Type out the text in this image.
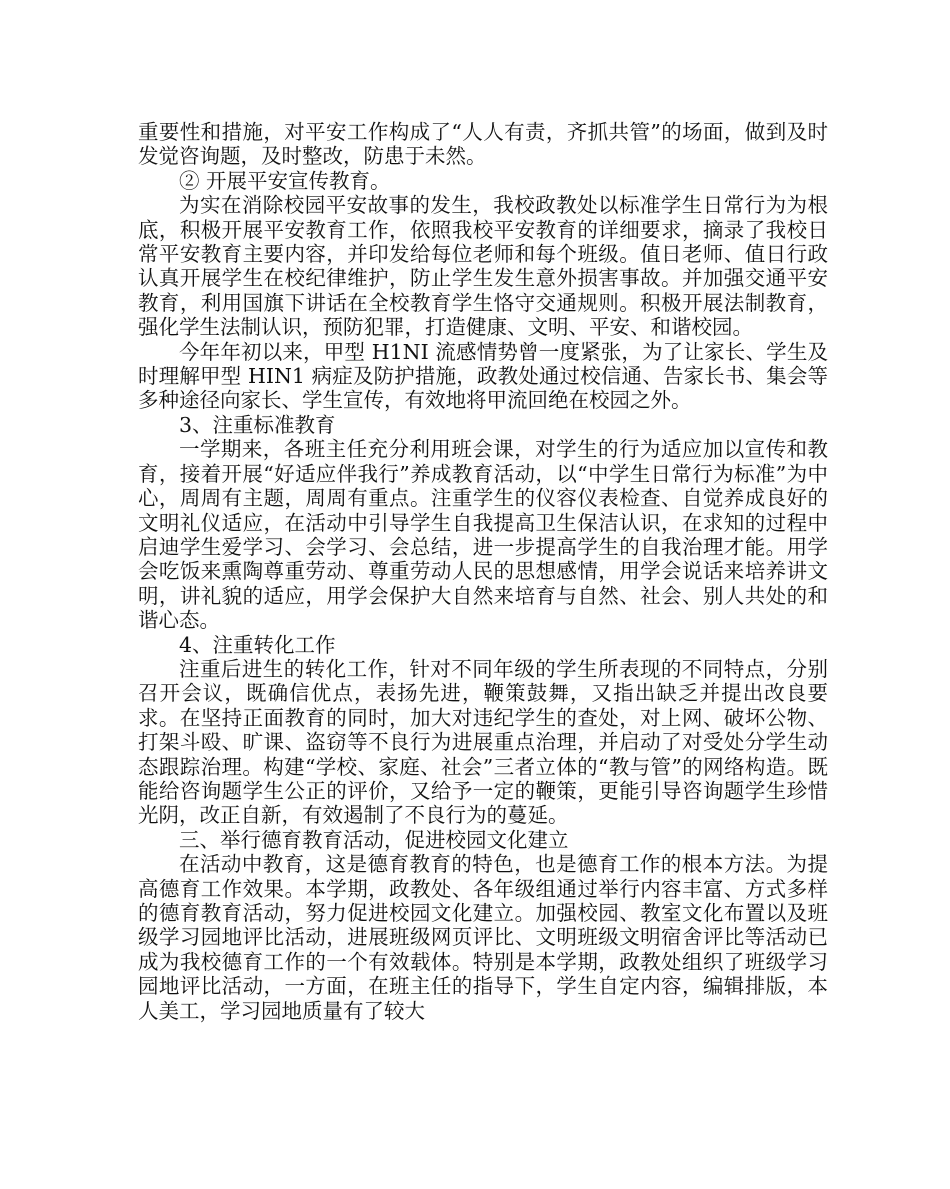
重要性和措施，对平安工作构成了“人人有责，齐抓共管”的场面，做到及时发觉咨询题，及时整改，防患于未然。

② 开展平安宣传教育。

为实在消除校园平安故事的发生，我校政教处以标准学生日常行为为根底，积极开展平安教育工作，依照我校平安教育的详细要求，摘录了我校日常平安教育主要内容，并印发给每位老师和每个班级。值日老师、值日行政认真开展学生在校纪律维护，防止学生发生意外损害事故。并加强交通平安教育，利用国旗下讲话在全校教育学生恪守交通规则。积极开展法制教育，强化学生法制认识，预防犯罪，打造健康、文明、平安、和谐校园。

今年年初以来，甲型 H1NI 流感情势曾一度紧张，为了让家长、学生及时理解甲型 HIN1 病症及防护措施，政教处通过校信通、告家长书、集会等多种途径向家长、学生宣传，有效地将甲流回绝在校园之外。

3、注重标准教育

一学期来，各班主任充分利用班会课，对学生的行为适应加以宣传和教育，接着开展“好适应伴我行”养成教育活动，以“中学生日常行为标准”为中心，周周有主题，周周有重点。注重学生的仪容仪表检查、自觉养成良好的文明礼仪适应，在活动中引导学生自我提高卫生保洁认识，在求知的过程中启迪学生爱学习、会学习、会总结，进一步提高学生的自我治理才能。用学会吃饭来熏陶尊重劳动、尊重劳动人民的思想感情，用学会说话来培养讲文明，讲礼貌的适应，用学会保护大自然来培育与自然、社会、别人共处的和谐心态。

4、注重转化工作

注重后进生的转化工作，针对不同年级的学生所表现的不同特点，分别召开会议，既确信优点，表扬先进，鞭策鼓舞，又指出缺乏并提出改良要求。在坚持正面教育的同时，加大对违纪学生的查处，对上网、破坏公物、打架斗殴、旷课、盗窃等不良行为进展重点治理，并启动了对受处分学生动态跟踪治理。构建“学校、家庭、社会”三者立体的“教与管”的网络构造。既能给咨询题学生公正的评价，又给予一定的鞭策，更能引导咨询题学生珍惜光阴，改正自新，有效遏制了不良行为的蔓延。

三、举行德育教育活动，促进校园文化建立

在活动中教育，这是德育教育的特色，也是德育工作的根本方法。为提高德育工作效果。本学期，政教处、各年级组通过举行内容丰富、方式多样的德育教育活动，努力促进校园文化建立。加强校园、教室文化布置以及班级学习园地评比活动，进展班级网页评比、文明班级文明宿舍评比等活动已成为我校德育工作的一个有效载体。特别是本学期，政教处组织了班级学习园地评比活动，一方面，在班主任的指导下，学生自定内容，编辑排版，本人美工，学习园地质量有了较大
